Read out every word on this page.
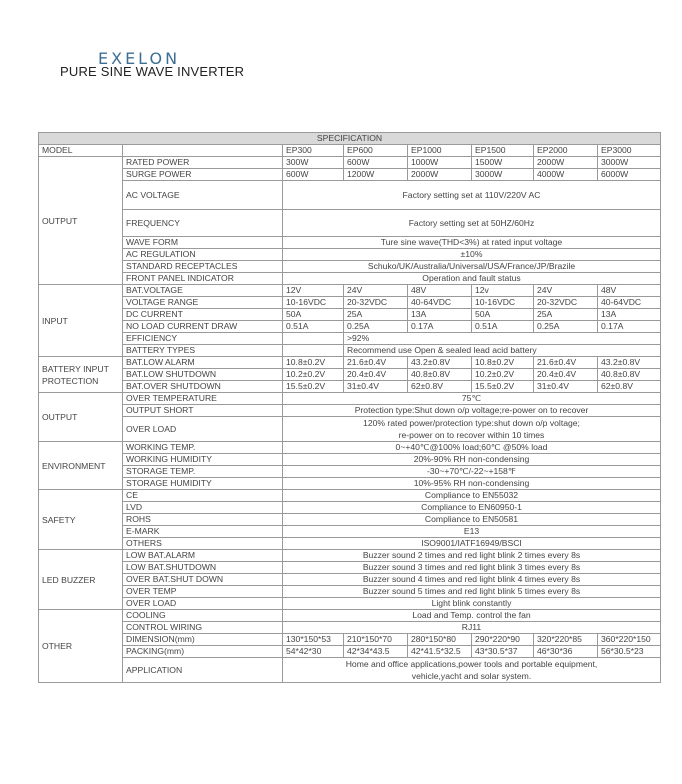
EXELON
PURE SINE WAVE INVERTER
SPECIFICATION							
MODEL		EP300	EP600	EP1000	EP1500	EP2000	EP3000
OUTPUT	RATED POWER	300W	600W	1000W	1500W	2000W	3000W
	SURGE POWER	600W	1200W	2000W	3000W	4000W	6000W
	AC VOLTAGE	Factory setting set at 110V/220V AC					
	FREQUENCY	Factory setting set at 50HZ/60Hz					
	WAVE FORM	Ture sine wave(THD<3%) at rated input voltage					
	AC REGULATION	±10%					
	STANDARD RECEPTACLES	Schuko/UK/Australia/Universal/USA/France/JP/Brazile					
	FRONT PANEL INDICATOR	Operation and fault status					
INPUT	BAT.VOLTAGE	12V	24V	48V	12v	24V	48V
	VOLTAGE RANGE	10-16VDC	20-32VDC	40-64VDC	10-16VDC	20-32VDC	40-64VDC
	DC CURRENT	50A	25A	13A	50A	25A	13A
	NO LOAD CURRENT DRAW	0.51A	0.25A	0.17A	0.51A	0.25A	0.17A
	EFFICIENCY		>92%				
	BATTERY TYPES		Recommend use Open & sealed lead acid battery				
BATTERY INPUT
PROTECTION	BAT.LOW ALARM	10.8±0.2V	21.6±0.4V	43.2±0.8V	10.8±0.2V	21.6±0.4V	43.2±0.8V
	BAT.LOW SHUTDOWN	10.2±0.2V	20.4±0.4V	40.8±0.8V	10.2±0.2V	20.4±0.4V	40.8±0.8V
	BAT.OVER SHUTDOWN	15.5±0.2V	31±0.4V	62±0.8V	15.5±0.2V	31±0.4V	62±0.8V
OUTPUT	OVER TEMPERATURE	75℃					
	OUTPUT SHORT	Protection type:Shut down o/p voltage;re-power on to recover					
	OVER LOAD	120% rated power/protection type:shut down o/p voltage;
re-power on to recover within 10 times					
ENVIRONMENT	WORKING TEMP.	0~+40℃@100% load;60℃ @50% load					
	WORKING HUMIDITY	20%-90% RH non-condensing					
	STORAGE TEMP.	-30~+70℃/-22~+158℉					
	STORAGE HUMIDITY	10%-95% RH non-condensing					
SAFETY	CE	Compliance to EN55032					
	LVD	Compliance to EN60950-1					
	ROHS	Compliance to EN50581					
	E-MARK	E13					
	OTHERS	ISO9001/IATF16949/BSCI					
LED BUZZER	LOW BAT.ALARM	Buzzer sound 2 times and red light blink 2 times every 8s					
	LOW BAT.SHUTDOWN	Buzzer sound 3 times and red light blink 3 times every 8s					
	OVER BAT.SHUT DOWN	Buzzer sound 4 times and red light blink 4 times every 8s					
	OVER TEMP	Buzzer sound 5 times and red light blink 5 times every 8s					
	OVER LOAD	Light blink constantly					
OTHER	COOLING	Load and Temp. control the fan					
	CONTROL WIRING	RJ11					
	DIMENSION(mm)	130*150*53	210*150*70	280*150*80	290*220*90	320*220*85	360*220*150
	PACKING(mm)	54*42*30	42*34*43.5	42*41.5*32.5	43*30.5*37	46*30*36	56*30.5*23
	APPLICATION	Home and office applications,power tools and portable equipment,
vehicle,yacht and solar system.					
